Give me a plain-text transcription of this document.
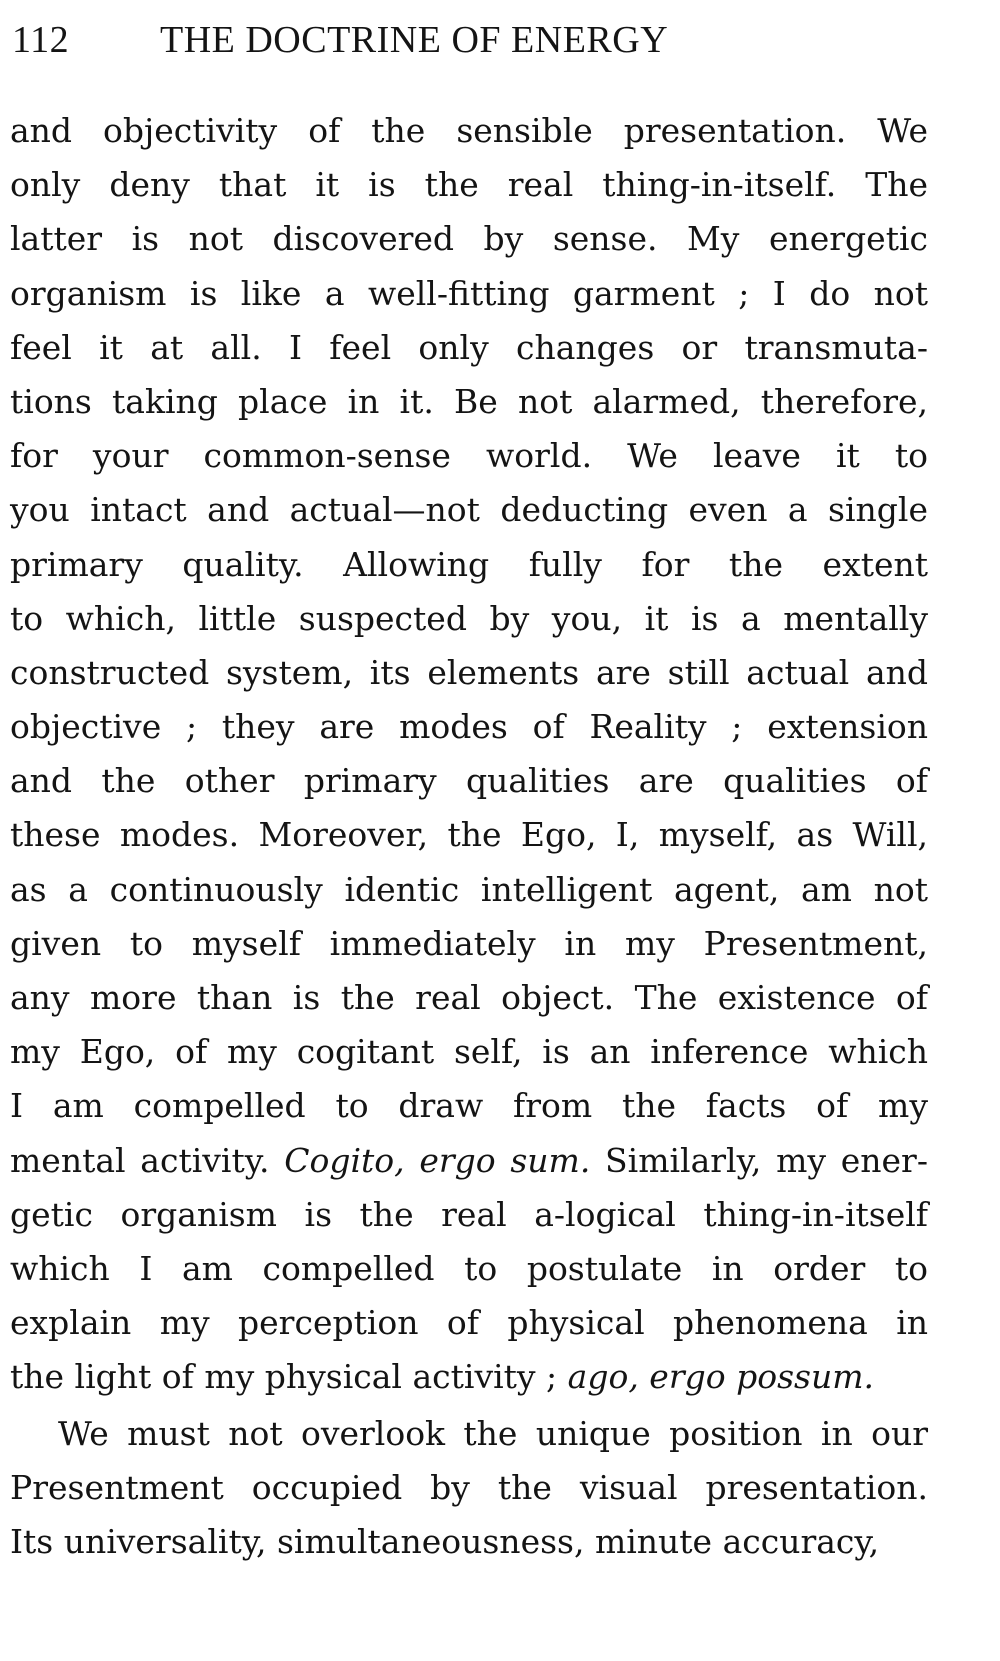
112	THE DOCTRINE OF ENERGY
and objectivity of the sensible presentation. We
only deny that it is the real thing-in-itself. The
latter is not discovered by sense. My energetic
organism is like a well-fitting garment ; I do not
feel it at all. I feel only changes or transmuta-
tions taking place in it. Be not alarmed, therefore,
for your common-sense world. We leave it to
you intact and actual—not deducting even a single
primary quality. Allowing fully for the extent
to which, little suspected by you, it is a mentally
constructed system, its elements are still actual and
objective ; they are modes of Reality ; extension
and the other primary qualities are qualities of
these modes. Moreover, the Ego, I, myself, as Will,
as a continuously identic intelligent agent, am not
given to myself immediately in my Presentment,
any more than is the real object. The existence of
my Ego, of my cogitant self, is an inference which
I am compelled to draw from the facts of my
mental activity. Cogito, ergo sum. Similarly, my ener-
getic organism is the real a-logical thing-in-itself
which I am compelled to postulate in order to
explain my perception of physical phenomena in
the light of my physical activity ; ago, ergo possum.
We must not overlook the unique position in our
Presentment occupied by the visual presentation.
Its universality, simultaneousness, minute accuracy,
